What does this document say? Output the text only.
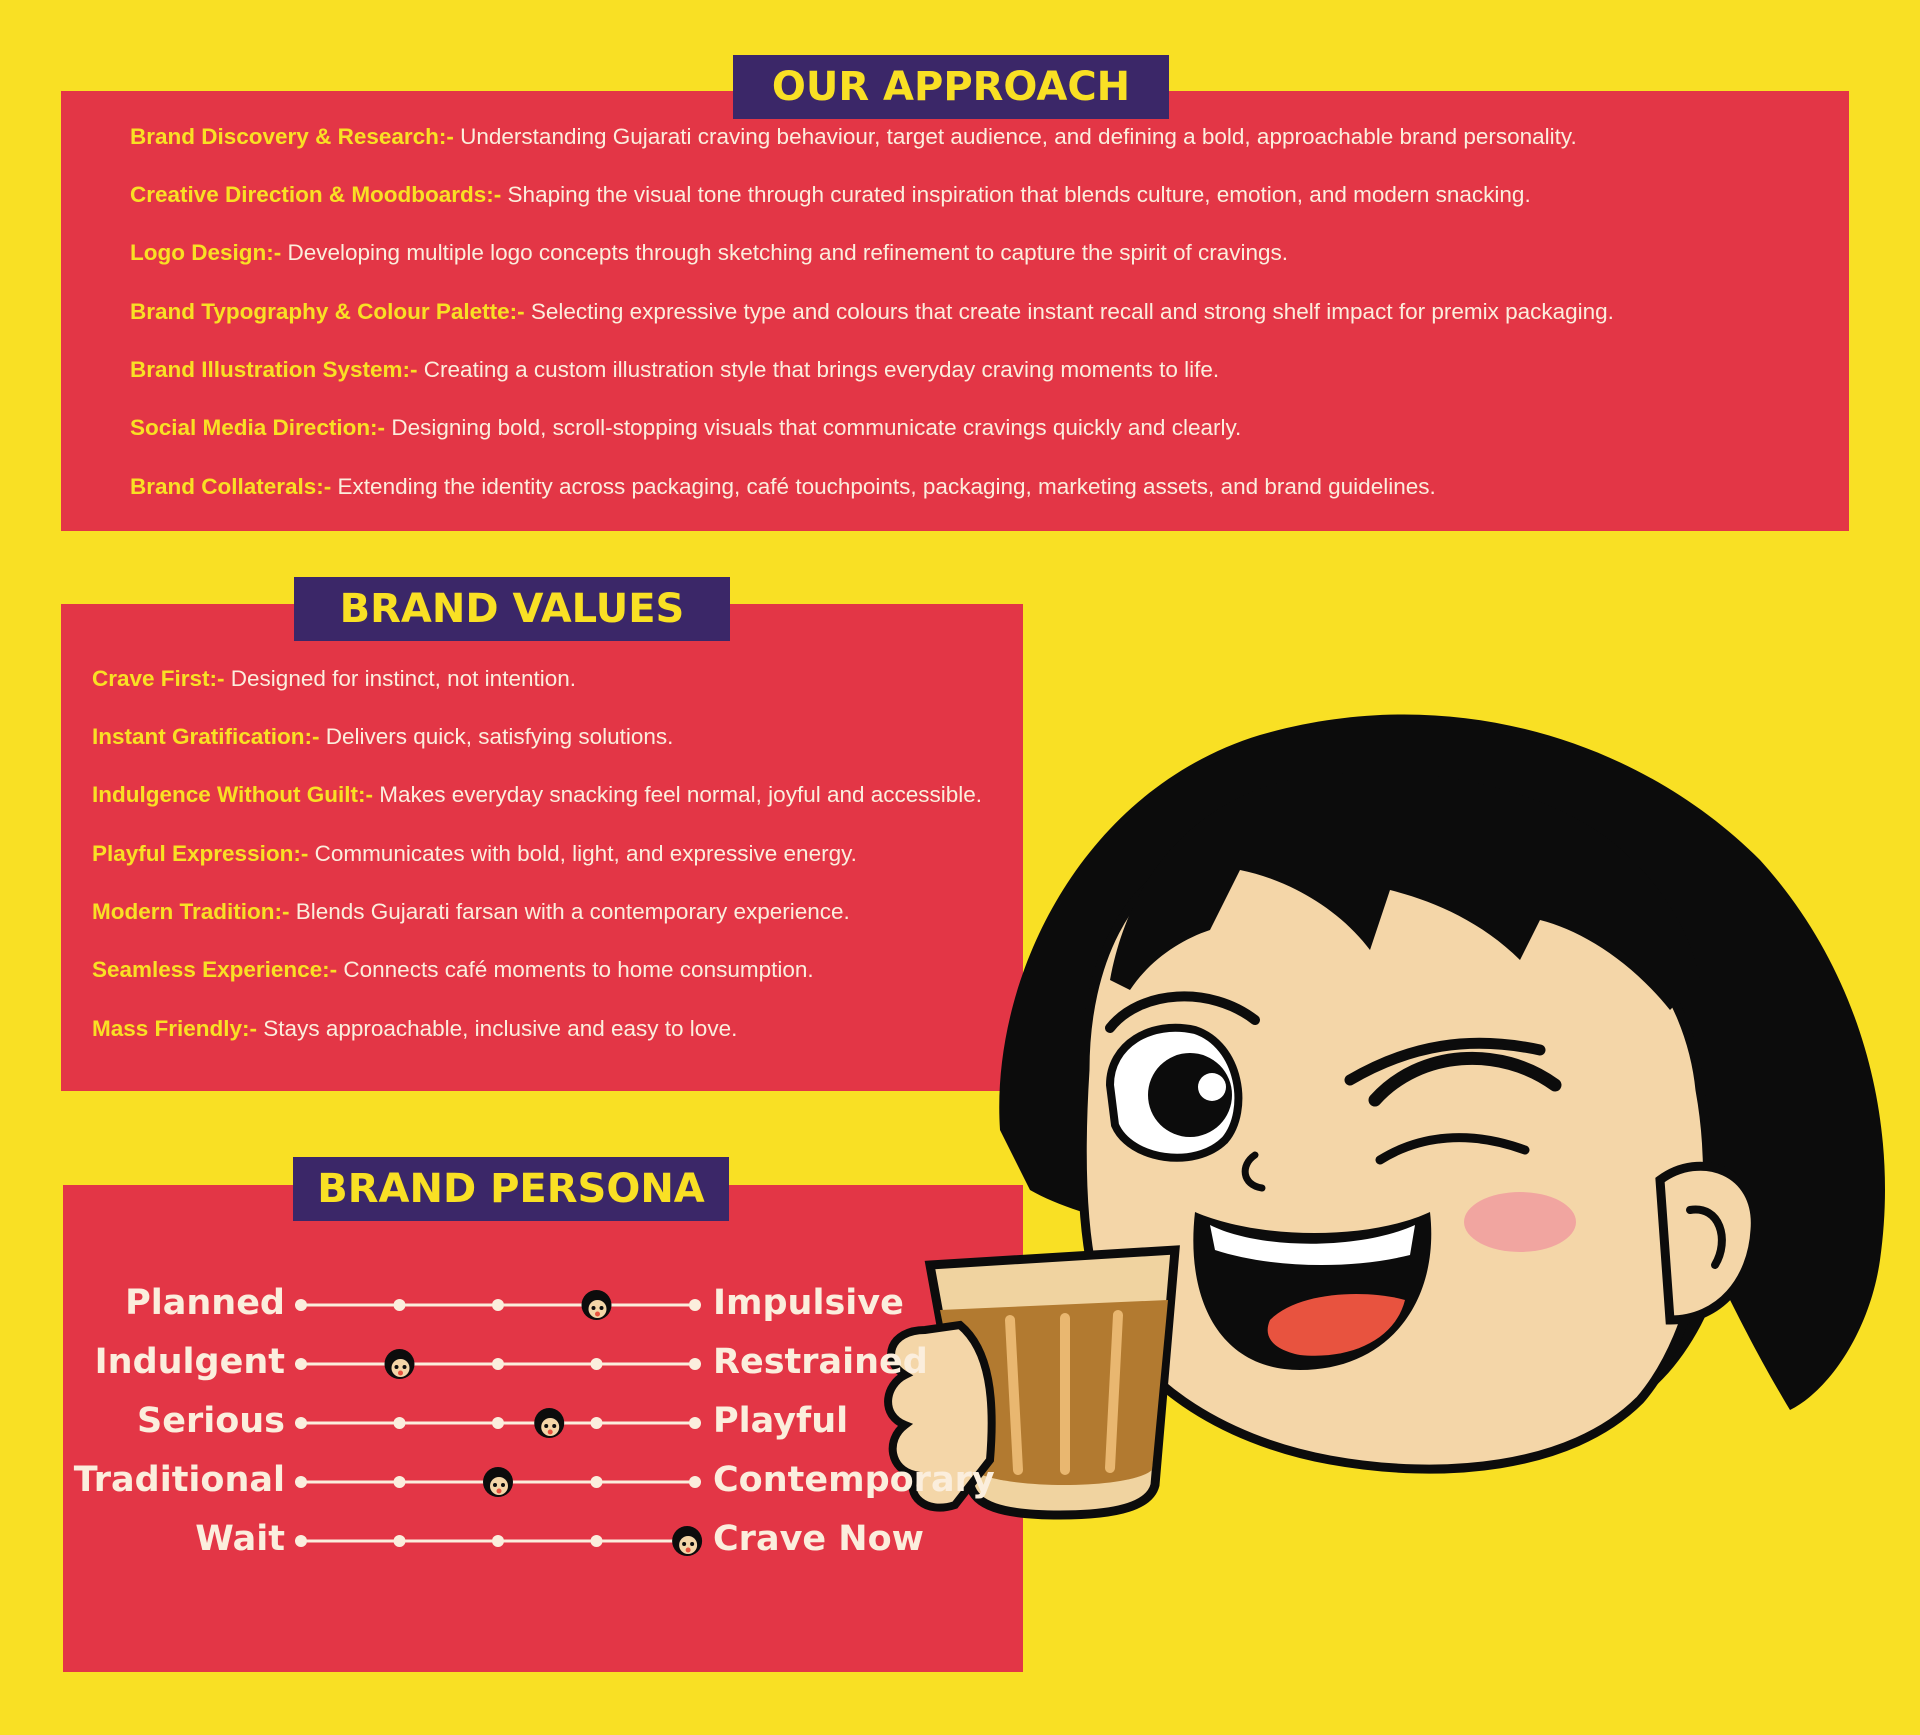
OUR APPROACH
Brand Discovery & Research:- Understanding Gujarati craving behaviour, target audience, and defining a bold, approachable brand personality.
Creative Direction & Moodboards:- Shaping the visual tone through curated inspiration that blends culture, emotion, and modern snacking.
Logo Design:- Developing multiple logo concepts through sketching and refinement to capture the spirit of cravings.
Brand Typography & Colour Palette:- Selecting expressive type and colours that create instant recall and strong shelf impact for premix packaging.
Brand Illustration System:- Creating a custom illustration style that brings everyday craving moments to life.
Social Media Direction:- Designing bold, scroll-stopping visuals that communicate cravings quickly and clearly.
Brand Collaterals:- Extending the identity across packaging, café touchpoints, packaging, marketing assets, and brand guidelines.
BRAND VALUES
Crave First:- Designed for instinct, not intention.
Instant Gratification:- Delivers quick, satisfying solutions.
Indulgence Without Guilt:- Makes everyday snacking feel normal, joyful and accessible.
Playful Expression:- Communicates with bold, light, and expressive energy.
Modern Tradition:- Blends Gujarati farsan with a contemporary experience.
Seamless Experience:- Connects café moments to home consumption.
Mass Friendly:- Stays approachable, inclusive and easy to love.
BRAND PERSONA
Planned
Indulgent
Serious
Traditional
Wait
Impulsive
Restrained
Playful
Contemporary
Crave Now
